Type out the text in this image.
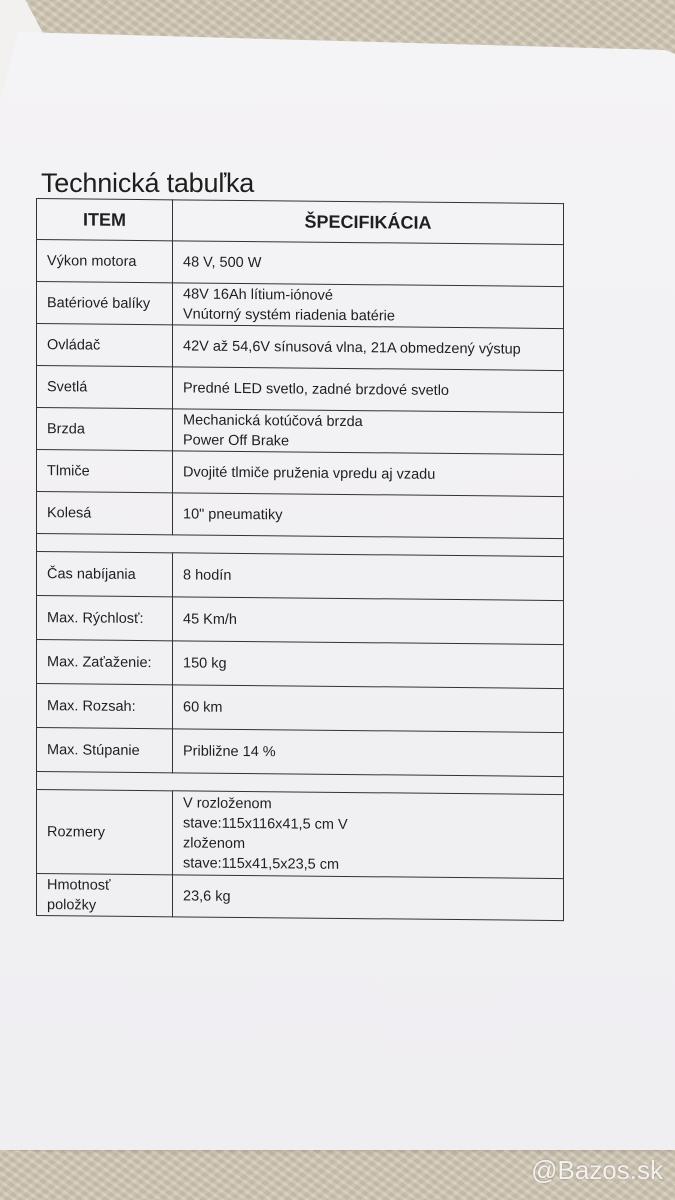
Technická tabuľka
ITEM	ŠPECIFIKÁCIA
Výkon motora	48 V, 500 W

Batériové balíky	48V 16Ah lítium-iónové
Vnútorný systém riadenia batérie

Ovládač	42V až 54,6V sínusová vlna, 21A obmedzený výstup

Svetlá	Predné LED svetlo, zadné brzdové svetlo

Brzda	Mechanická kotúčová brzda
Power Off Brake

Tlmiče	Dvojité tlmiče pruženia vpredu aj vzadu

Kolesá	10" pneumatiky

Čas nabíjania	8 hodín

Max. Rýchlosť:	45 Km/h

Max. Zaťaženie:	150 kg

Max. Rozsah:	60 km

Max. Stúpanie	Približne 14 %

Rozmery	V rozloženom
stave:115x116x41,5 cm V
zloženom
stave:115x41,5x23,5 cm

Hmotnosť položky	23,6 kg
@Bazos.sk
